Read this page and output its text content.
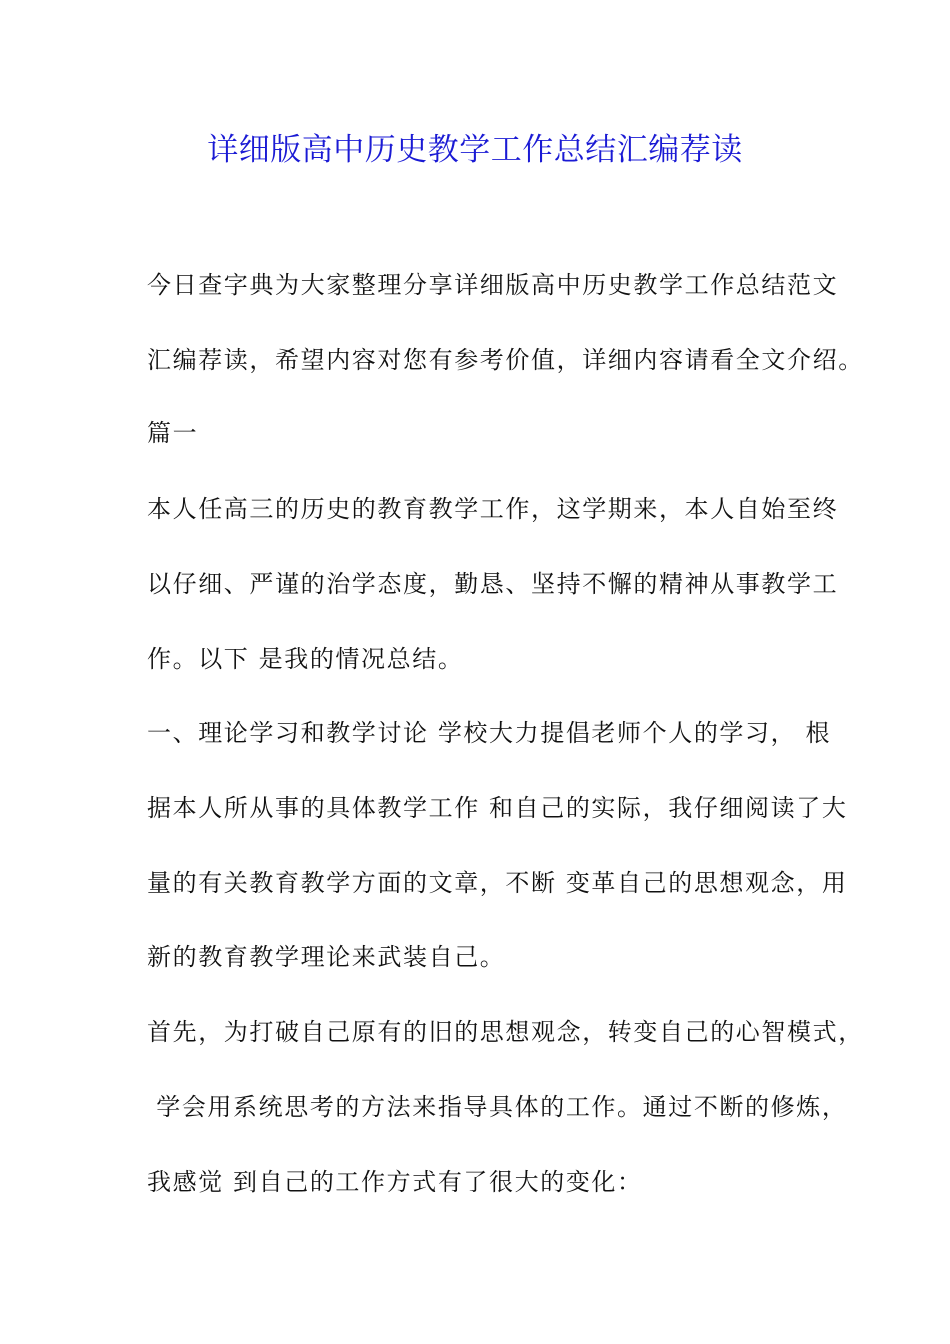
详细版高中历史教学工作总结汇编荐读
今日查字典为大家整理分享详细版高中历史教学工作总结范文
汇编荐读，希望内容对您有参考价值，详细内容请看全文介绍。
篇一
本人任高三的历史的教育教学工作，这学期来，本人自始至终
以仔细、严谨的治学态度，勤恳、坚持不懈的精神从事教学工
作。以下 是我的情况总结。
一、理论学习和教学讨论 学校大力提倡老师个人的学习， 根
据本人所从事的具体教学工作 和自己的实际，我仔细阅读了大
量的有关教育教学方面的文章，不断 变革自己的思想观念，用
新的教育教学理论来武装自己。
首先，为打破自己原有的旧的思想观念，转变自己的心智模式，
学会用系统思考的方法来指导具体的工作。通过不断的修炼，
我感觉 到自己的工作方式有了很大的变化：
